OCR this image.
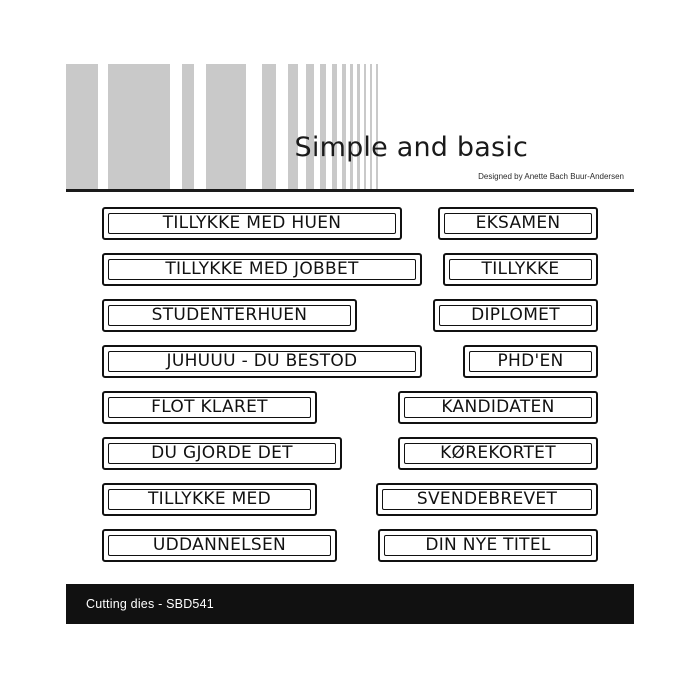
Simple and basic
Designed by Anette Bach Buur-Andersen
TILLYKKE MED HUEN	EKSAMEN
TILLYKKE MED JOBBET	TILLYKKE
STUDENTERHUEN	DIPLOMET
JUHUUU - DU BESTOD	PHD'EN
FLOT KLARET	KANDIDATEN
DU GJORDE DET	KØREKORTET
TILLYKKE MED	SVENDEBREVET
UDDANNELSEN	DIN NYE TITEL
Cutting dies - SBD541
